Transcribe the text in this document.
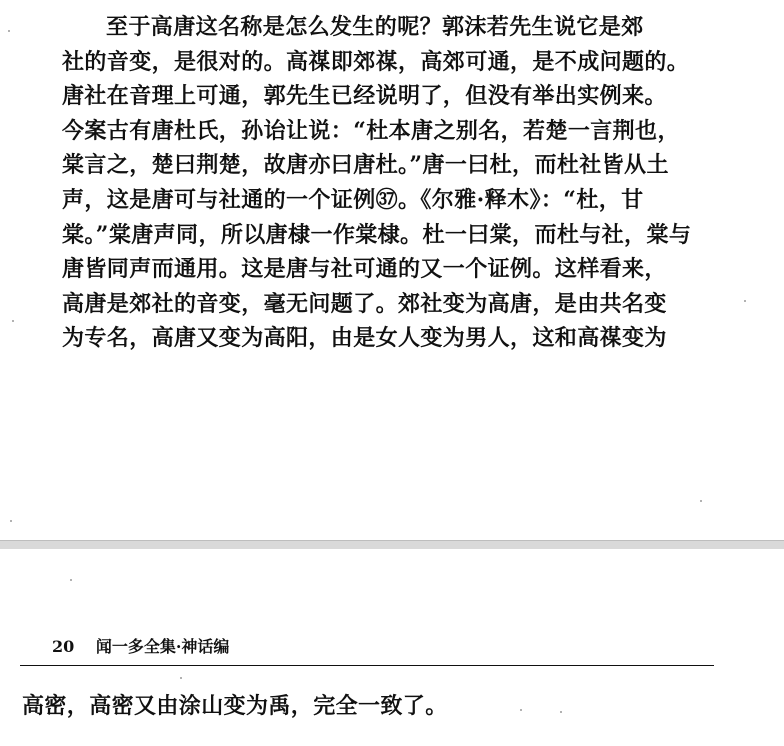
至于高唐这名称是怎么发生的呢？郭沫若先生说它是郊
社的音变，是很对的。高禖即郊禖，高郊可通，是不成问题的。
唐社在音理上可通，郭先生已经说明了，但没有举出实例来。
今案古有唐杜氏，孙诒让说：“杜本唐之别名，若楚一言荆也，
棠言之，楚曰荆楚，故唐亦曰唐杜。”唐一曰杜，而杜社皆从土
声，这是唐可与社通的一个证例㊲。《尔雅·释木》：“杜，甘
棠。”棠唐声同，所以唐棣一作棠棣。杜一曰棠，而杜与社，棠与
唐皆同声而通用。这是唐与社可通的又一个证例。这样看来，
高唐是郊社的音变，毫无问题了。郊社变为高唐，是由共名变
为专名，高唐又变为高阳，由是女人变为男人，这和高禖变为
20 闻一多全集·神话编
高密，高密又由涂山变为禹，完全一致了。
